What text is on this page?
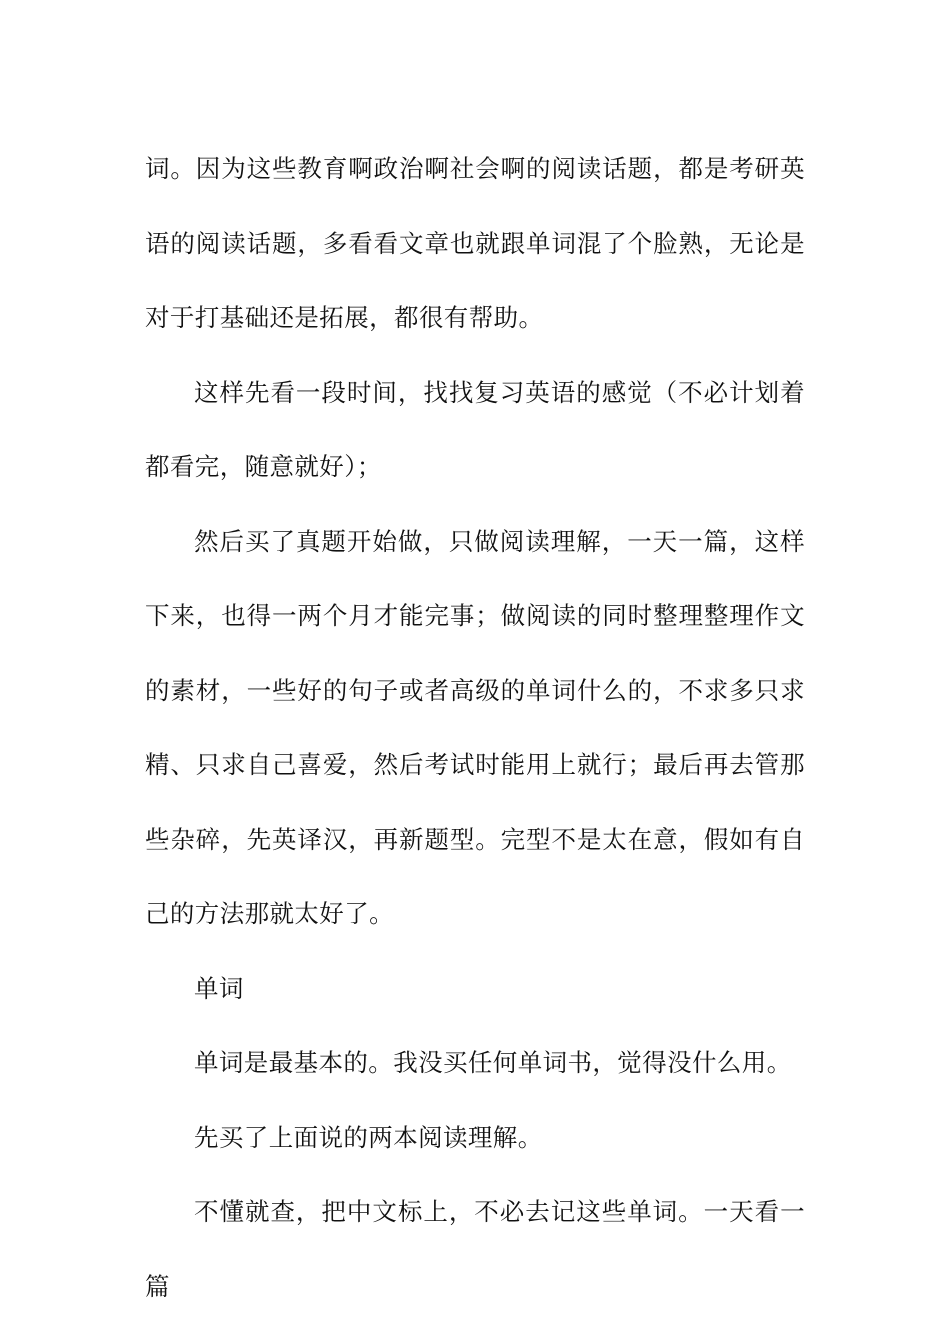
词。因为这些教育啊政治啊社会啊的阅读话题，都是考研英语的阅读话题，多看看文章也就跟单词混了个脸熟，无论是对于打基础还是拓展，都很有帮助。

这样先看一段时间，找找复习英语的感觉（不必计划着都看完，随意就好）；

然后买了真题开始做，只做阅读理解，一天一篇，这样下来，也得一两个月才能完事；做阅读的同时整理整理作文的素材，一些好的句子或者高级的单词什么的，不求多只求精、只求自己喜爱，然后考试时能用上就行；最后再去管那些杂碎，先英译汉，再新题型。完型不是太在意，假如有自己的方法那就太好了。

单词

单词是最基本的。我没买任何单词书，觉得没什么用。

先买了上面说的两本阅读理解。

不懂就查，把中文标上，不必去记这些单词。一天看一篇
